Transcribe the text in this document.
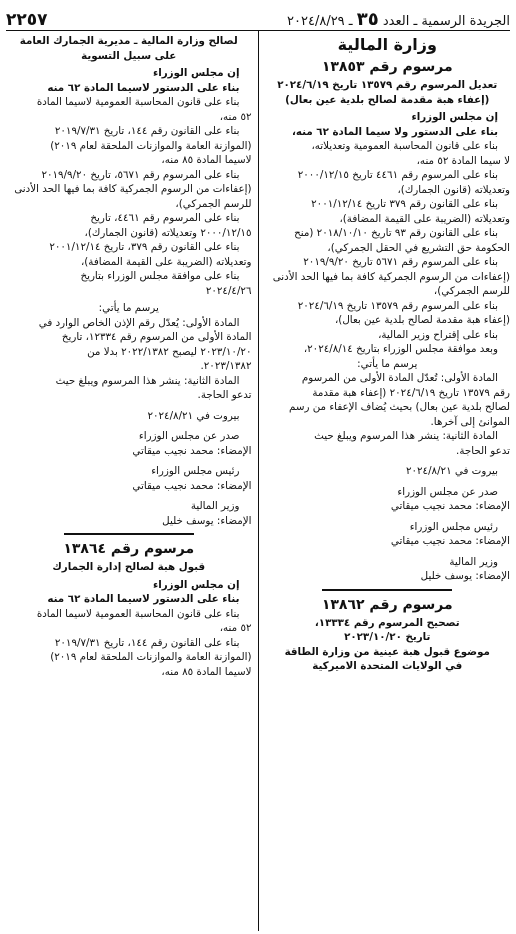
الجريدة الرسمية ـ العدد ٣٥ ـ ٢٠٢٤/٨/٢٩
٢٢٥٧

وزارة المالية

مرسوم رقم ١٣٨٥٣

تعديل المرسوم رقم ١٣٥٧٩ تاريخ ٢٠٢٤/٦/١٩

(إعفاء هبة مقدمة لصالح بلدية عين بعال)

إن مجلس الوزراء

بناء على الدستور ولا سيما المادة ٦٢ منه،

بناء على قانون المحاسبة العمومية وتعديلاته،

لا سيما المادة ٥٢ منه،

بناء على المرسوم رقم ٤٤٦١ تاريخ ٢٠٠٠/١٢/١٥

وتعديلاته (قانون الجمارك)،

بناء على القانون رقم ٣٧٩ تاريخ ٢٠٠١/١٢/١٤

وتعديلاته (الضريبة على القيمة المضافة)،

بناء على القانون رقم ٩٣ تاريخ ٢٠١٨/١٠/١٠ (منح

الحكومة حق التشريع في الحقل الجمركي)،

بناء على المرسوم رقم ٥٦٧١ تاريخ ٢٠١٩/٩/٢٠

(إعفاءات من الرسوم الجمركية كافة بما فيها الحد الأدنى

للرسم الجمركي)،

بناء على المرسوم رقم ١٣٥٧٩ تاريخ ٢٠٢٤/٦/١٩

(إعفاء هبة مقدمة لصالح بلدية عين بعال)،

بناء على إقتراح وزير المالية،

وبعد موافقة مجلس الوزراء بتاريخ ٢٠٢٤/٨/١٤،

يرسم ما يأتي:

المادة الأولى: تُعدّل المادة الأولى من المرسوم

رقم ١٣٥٧٩ تاريخ ٢٠٢٤/٦/١٩ (إعفاء هبة مقدمة

لصالح بلدية عين بعال) بحيث يُضاف الإعفاء من رسم

الموانئ إلى آخرها.

المادة الثانية: ينشر هذا المرسوم ويبلغ حيث

تدعو الحاجة.

بيروت في ٢٠٢٤/٨/٢١

صدر عن مجلس الوزراء

الإمضاء: محمد نجيب ميقاتي

رئيس مجلس الوزراء

الإمضاء: محمد نجيب ميقاتي

وزير المالية

الإمضاء: يوسف خليل

مرسوم رقم ١٣٨٦٢

تصحيح المرسوم رقم ١٣٣٣٤،

تاريخ ٢٠٢٣/١٠/٢٠

موضوع قبول هبة عينية من وزارة الطاقة

في الولايات المتحدة الاميركية

لصالح وزارة المالية ـ مديرية الجمارك العامة

على سبيل التسوية

إن مجلس الوزراء

بناء على الدستور لاسيما المادة ٦٢ منه

بناء على قانون المحاسبة العمومية لاسيما المادة

٥٢ منه،

بناء على القانون رقم ١٤٤، تاريخ ٢٠١٩/٧/٣١

(الموازنة العامة والموازنات الملحقة لعام ٢٠١٩)

لاسيما المادة ٨٥ منه،

بناء على المرسوم رقم ٥٦٧١، تاريخ ٢٠١٩/٩/٢٠

(إعفاءات من الرسوم الجمركية كافة بما فيها الحد الأدنى

للرسم الجمركي)،

بناء على المرسوم رقم ٤٤٦١، تاريخ

٢٠٠٠/١٢/١٥ وتعديلاته (قانون الجمارك)،

بناء على القانون رقم ٣٧٩، تاريخ ٢٠٠١/١٢/١٤

وتعديلاته (الضريبة على القيمة المضافة)،

بناء على موافقة مجلس الوزراء بتاريخ

٢٠٢٤/٤/٢٦

يرسم ما يأتي:

المادة الأولى: يُعدّل رقم الإذن الخاص الوارد في

المادة الأولى من المرسوم رقم ١٢٣٣٤، تاريخ

٢٠٢٣/١٠/٢٠ ليصبح ٢٠٢٢/١٣٨٢ بدلا من

٢٠٢٣/١٣٨٢.

المادة الثانية: ينشر هذا المرسوم ويبلغ حيث

تدعو الحاجة.

بيروت في ٢٠٢٤/٨/٢١

صدر عن مجلس الوزراء

الإمضاء: محمد نجيب ميقاتي

رئيس مجلس الوزراء

الإمضاء: محمد نجيب ميقاتي

وزير المالية

الإمضاء: يوسف خليل

مرسوم رقم ١٣٨٦٤

قبول هبة لصالح إدارة الجمارك

إن مجلس الوزراء

بناء على الدستور لاسيما المادة ٦٢ منه

بناء على قانون المحاسبة العمومية لاسيما المادة

٥٢ منه،

بناء على القانون رقم ١٤٤، تاريخ ٢٠١٩/٧/٣١

(الموازنة العامة والموازنات الملحقة لعام ٢٠١٩)

لاسيما المادة ٨٥ منه،
